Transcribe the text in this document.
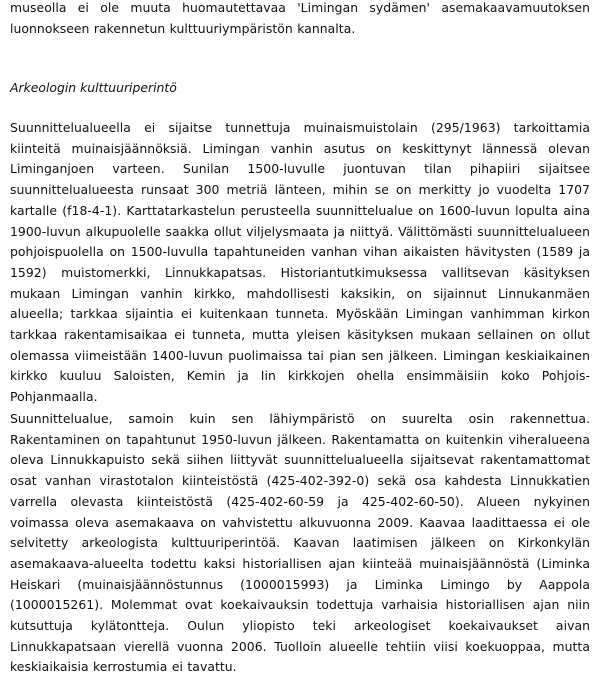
museolla ei ole muuta huomautettavaa 'Limingan sydämen' asemakaavamuutoksen luonnokseen rakennetun kulttuuriympäristön kannalta.

Arkeologin kulttuuriperintö

Suunnittelualueella ei sijaitse tunnettuja muinaismuistolain (295/1963) tarkoittamia kiinteitä muinaisjäännöksiä. Limingan vanhin asutus on keskittynyt lännessä olevan Liminganjoen varteen. Sunilan 1500-luvulle juontuvan tilan pihapiiri sijaitsee suunnittelualueesta runsaat 300 metriä länteen, mihin se on merkitty jo vuodelta 1707 kartalle (f18-4-1). Karttatarkastelun perusteella suunnittelualue on 1600-luvun lopulta aina 1900-luvun alkupuolelle saakka ollut viljelysmaata ja niittyä. Välittömästi suunnittelualueen pohjoispuolella on 1500-luvulla tapahtuneiden vanhan vihan aikaisten hävitysten (1589 ja 1592) muistomerkki, Linnukkapatsas. Historiantutkimuksessa vallitsevan käsityksen mukaan Limingan vanhin kirkko, mahdollisesti kaksikin, on sijainnut Linnukanmäen alueella; tarkkaa sijaintia ei kuitenkaan tunneta. Myöskään Limingan vanhimman kirkon tarkkaa rakentamisaikaa ei tunneta, mutta yleisen käsityksen mukaan sellainen on ollut olemassa viimeistään 1400-luvun puolimaissa tai pian sen jälkeen. Limingan keskiaikainen kirkko kuuluu Saloisten, Kemin ja Iin kirkkojen ohella ensimmäisiin koko Pohjois-Pohjanmaalla.

Suunnittelualue, samoin kuin sen lähiympäristö on suurelta osin rakennettua. Rakentaminen on tapahtunut 1950-luvun jälkeen. Rakentamatta on kuitenkin viheralueena oleva Linnukkapuisto sekä siihen liittyvät suunnittelualueella sijaitsevat rakentamattomat osat vanhan virastotalon kiinteistöstä (425-402-392-0) sekä osa kahdesta Linnukkatien varrella olevasta kiinteistöstä (425-402-60-59 ja 425-402-60-50). Alueen nykyinen voimassa oleva asemakaava on vahvistettu alkuvuonna 2009. Kaavaa laadittaessa ei ole selvitetty arkeologista kulttuuriperintöä. Kaavan laatimisen jälkeen on Kirkonkylän asemakaava-alueelta todettu kaksi historiallisen ajan kiinteää muinaisjäännöstä (Liminka Heiskari (muinaisjäännöstunnus (1000015993) ja Liminka Limingo by Aappola (1000015261). Molemmat ovat koekaivauksin todettuja varhaisia historiallisen ajan niin kutsuttuja kylätontteja. Oulun yliopisto teki arkeologiset koekaivaukset aivan Linnukkapatsaan vierellä vuonna 2006. Tuolloin alueelle tehtiin viisi koekuoppaa, mutta keskiaikaisia kerrostumia ei tavattu.
